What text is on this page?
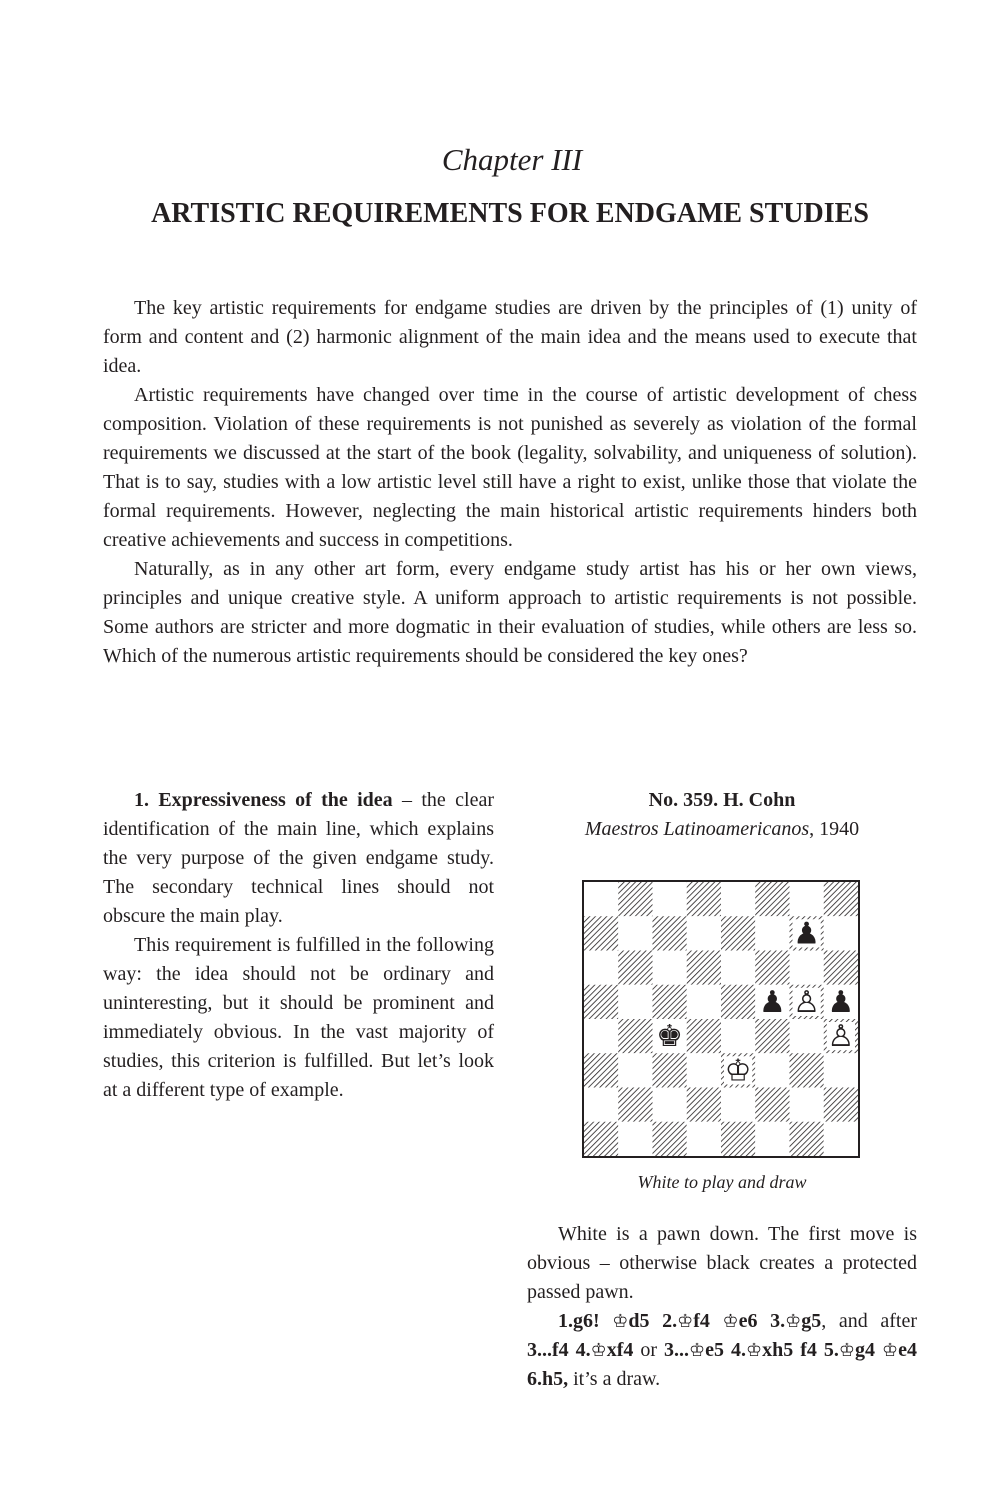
Chapter III
ARTISTIC REQUIREMENTS FOR ENDGAME STUDIES

The key artistic requirements for endgame studies are driven by the principles of (1) unity of form and content and (2) harmonic alignment of the main idea and the means used to execute that idea.

Artistic requirements have changed over time in the course of artistic development of chess composition. Violation of these requirements is not punished as severely as violation of the formal requirements we discussed at the start of the book (legality, solvability, and uniqueness of solution). That is to say, studies with a low artistic level still have a right to exist, unlike those that violate the formal requirements. However, neglecting the main historical artistic requirements hinders both creative achievements and success in competitions.

Naturally, as in any other art form, every endgame study artist has his or her own views, principles and unique creative style. A uniform approach to artistic requirements is not possible. Some authors are stricter and more dogmatic in their evaluation of studies, while others are less so. Which of the numerous artistic requirements should be considered the key ones?

1. Expressiveness of the idea – the clear identification of the main line, which explains the very purpose of the given endgame study. The secondary technical lines should not obscure the main play.

This requirement is fulfilled in the following way: the idea should not be ordinary and uninteresting, but it should be prominent and immediately obvious. In the vast majority of studies, this criterion is fulfilled. But let’s look at a different type of example.

No. 359. H. Cohn
Maestros Latinoamericanos, 1940
♟
♟ ♙ ♟
♙
♚
♔
White to play and draw

White is a pawn down. The first move is obvious – otherwise black creates a protected passed pawn.

1.g6! ♔d5 2.♔f4 ♔e6 3.♔g5, and after 3...f4 4.♔xf4 or 3...♔e5 4.♔xh5 f4 5.♔g4 ♔e4 6.h5, it’s a draw.
